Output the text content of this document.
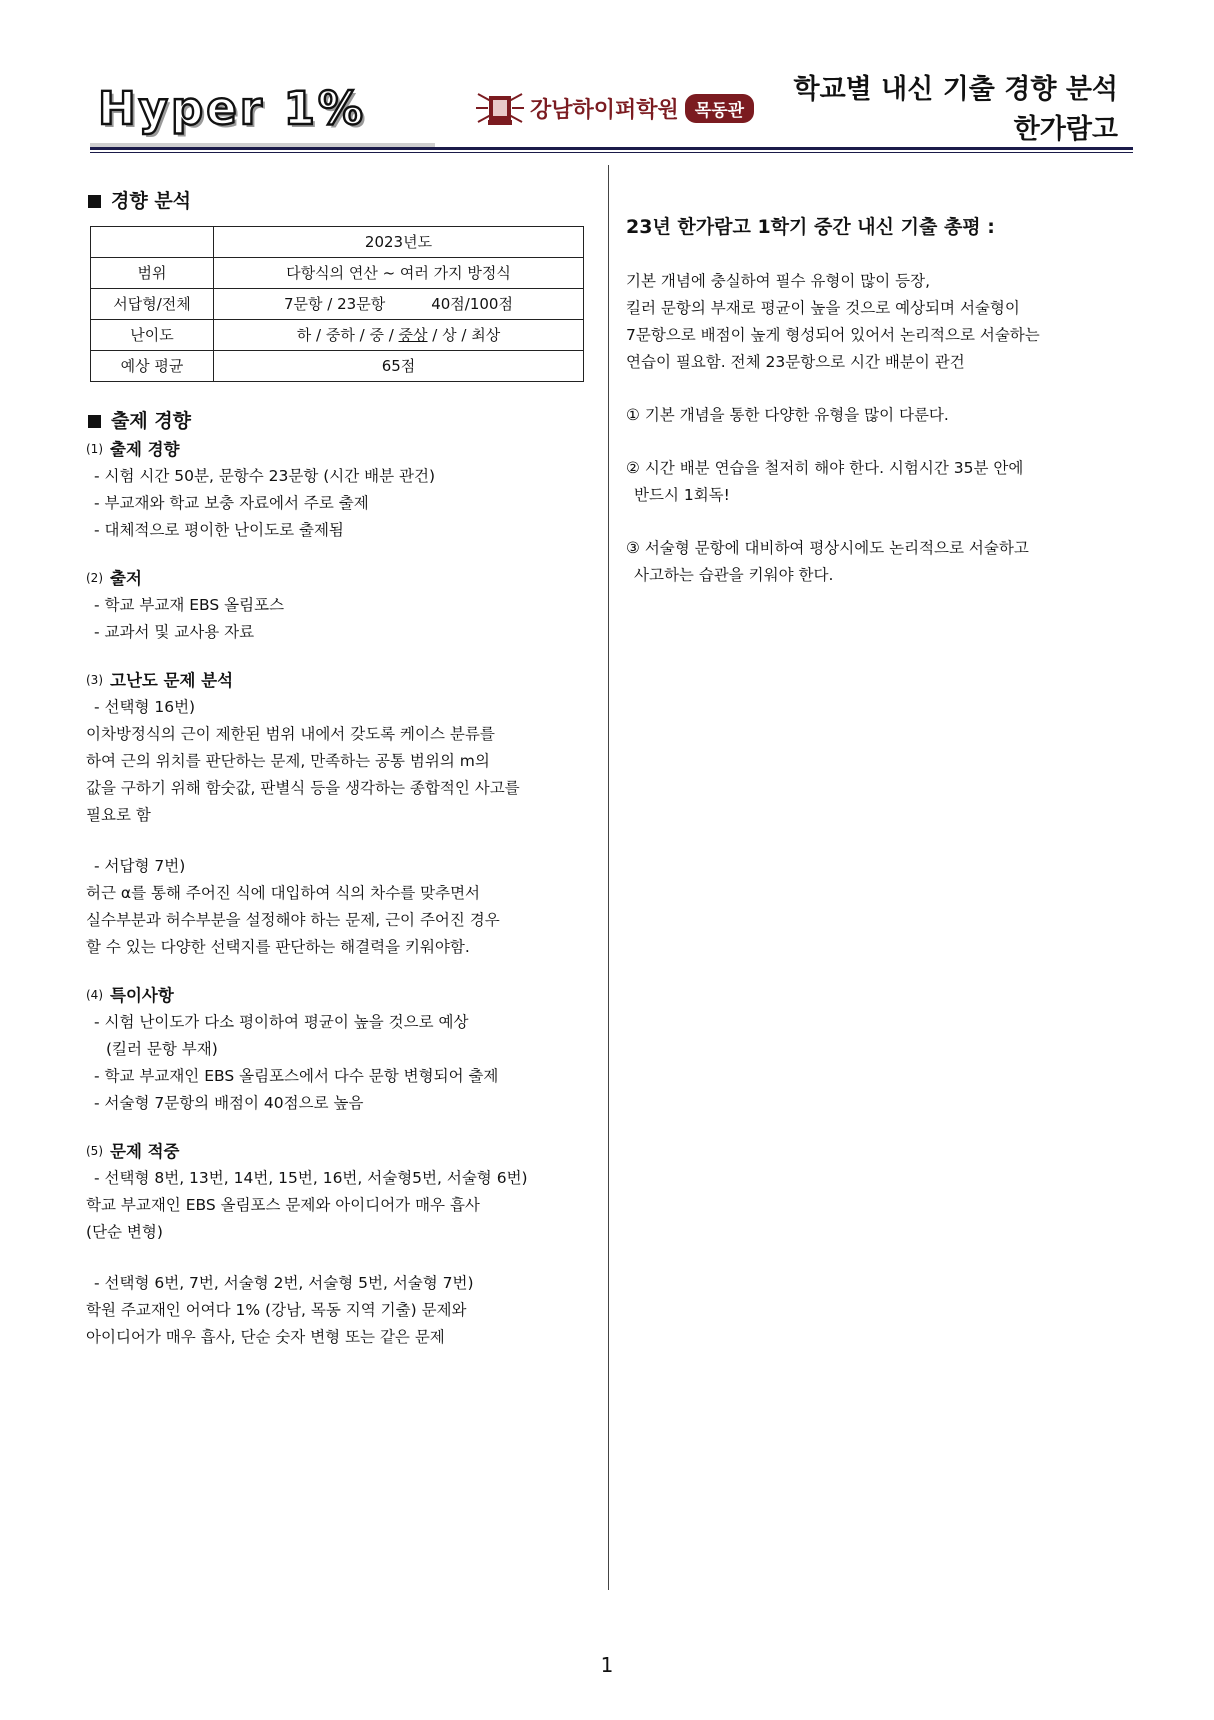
Hyper 1%	강남하이퍼학원 목동관
학교별 내신 기출 경향 분석
한가람고
경향 분석
	2023년도
범위	다항식의 연산 ~ 여러 가지 방정식
서답형/전체	7문항 / 23문항 40점/100점
난이도	하 / 중하 / 중 / 중상 / 상 / 최상
예상 평균	65점
출제 경향
(1) 출제 경향
- 시험 시간 50분, 문항수 23문항 (시간 배분 관건)
- 부교재와 학교 보충 자료에서 주로 출제
- 대체적으로 평이한 난이도로 출제됨
(2) 출저
- 학교 부교재 EBS 올림포스
- 교과서 및 교사용 자료
(3) 고난도 문제 분석
- 선택형 16번)
이차방정식의 근이 제한된 범위 내에서 갖도록 케이스 분류를
하여 근의 위치를 판단하는 문제, 만족하는 공통 범위의 m의
값을 구하기 위해 함숫값, 판별식 등을 생각하는 종합적인 사고를
필요로 함
- 서답형 7번)
허근 α를 통해 주어진 식에 대입하여 식의 차수를 맞추면서
실수부분과 허수부분을 설정해야 하는 문제, 근이 주어진 경우
할 수 있는 다양한 선택지를 판단하는 해결력을 키워야함.
(4) 특이사항
- 시험 난이도가 다소 평이하여 평균이 높을 것으로 예상
(킬러 문항 부재)
- 학교 부교재인 EBS 올림포스에서 다수 문항 변형되어 출제
- 서술형 7문항의 배점이 40점으로 높음
(5) 문제 적중
- 선택형 8번, 13번, 14번, 15번, 16번, 서술형5번, 서술형 6번)
학교 부교재인 EBS 올림포스 문제와 아이디어가 매우 흡사
(단순 변형)
- 선택형 6번, 7번, 서술형 2번, 서술형 5번, 서술형 7번)
학원 주교재인 어여다 1% (강남, 목동 지역 기출) 문제와
아이디어가 매우 흡사, 단순 숫자 변형 또는 같은 문제
23년 한가람고 1학기 중간 내신 기출 총평 :
기본 개념에 충실하여 필수 유형이 많이 등장,
킬러 문항의 부재로 평균이 높을 것으로 예상되며 서술형이
7문항으로 배점이 높게 형성되어 있어서 논리적으로 서술하는
연습이 필요함. 전체 23문항으로 시간 배분이 관건
① 기본 개념을 통한 다양한 유형을 많이 다룬다.
② 시간 배분 연습을 철저히 해야 한다. 시험시간 35분 안에
반드시 1회독!
③ 서술형 문항에 대비하여 평상시에도 논리적으로 서술하고
사고하는 습관을 키워야 한다.
1
